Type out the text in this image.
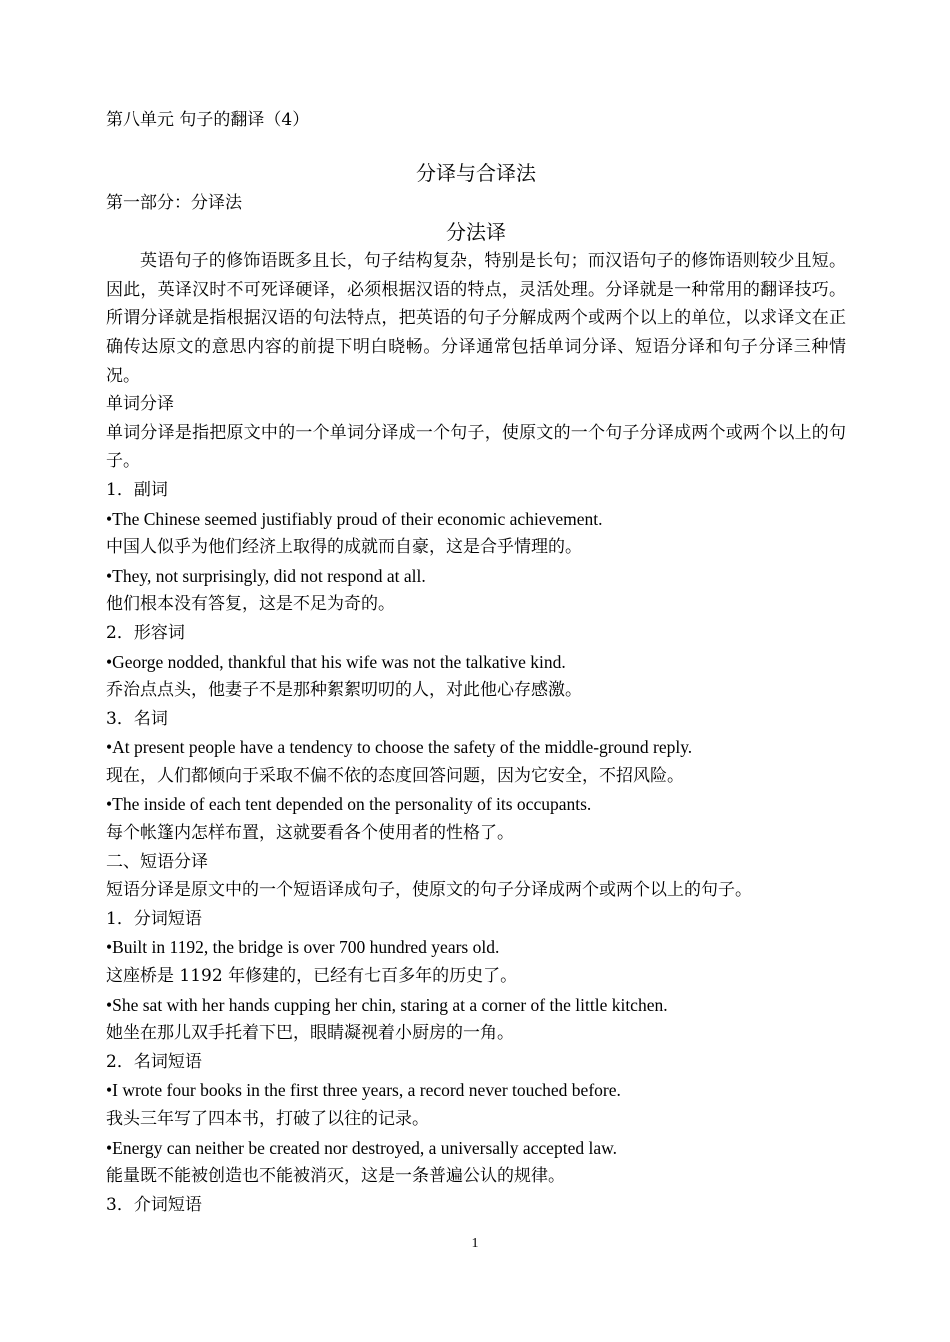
第八单元 句子的翻译（4）
分译与合译法
第一部分：分译法
分法译
英语句子的修饰语既多且长，句子结构复杂，特别是长句；而汉语句子的修饰语则较少且短。因此，英译汉时不可死译硬译，必须根据汉语的特点，灵活处理。分译就是一种常用的翻译技巧。所谓分译就是指根据汉语的句法特点，把英语的句子分解成两个或两个以上的单位，以求译文在正确传达原文的意思内容的前提下明白晓畅。分译通常包括单词分译、短语分译和句子分译三种情况。
单词分译
单词分译是指把原文中的一个单词分译成一个句子，使原文的一个句子分译成两个或两个以上的句子。
1．副词
•The Chinese seemed justifiably proud of their economic achievement.
中国人似乎为他们经济上取得的成就而自豪，这是合乎情理的。
•They, not surprisingly, did not respond at all.
他们根本没有答复，这是不足为奇的。
2．形容词
•George nodded, thankful that his wife was not the talkative kind.
乔治点点头，他妻子不是那种絮絮叨叨的人，对此他心存感激。
3．名词
•At present people have a tendency to choose the safety of the middle-ground reply.
现在，人们都倾向于采取不偏不依的态度回答问题，因为它安全，不招风险。
•The inside of each tent depended on the personality of its occupants.
每个帐篷内怎样布置，这就要看各个使用者的性格了。
二、短语分译
短语分译是原文中的一个短语译成句子，使原文的句子分译成两个或两个以上的句子。
1．分词短语
•Built in 1192, the bridge is over 700 hundred years old.
这座桥是 1192 年修建的，已经有七百多年的历史了。
•She sat with her hands cupping her chin, staring at a corner of the little kitchen.
她坐在那儿双手托着下巴，眼睛凝视着小厨房的一角。
2．名词短语
•I wrote four books in the first three years, a record never touched before.
我头三年写了四本书，打破了以往的记录。
•Energy can neither be created nor destroyed, a universally accepted law.
能量既不能被创造也不能被消灭，这是一条普遍公认的规律。
3．介词短语
1
